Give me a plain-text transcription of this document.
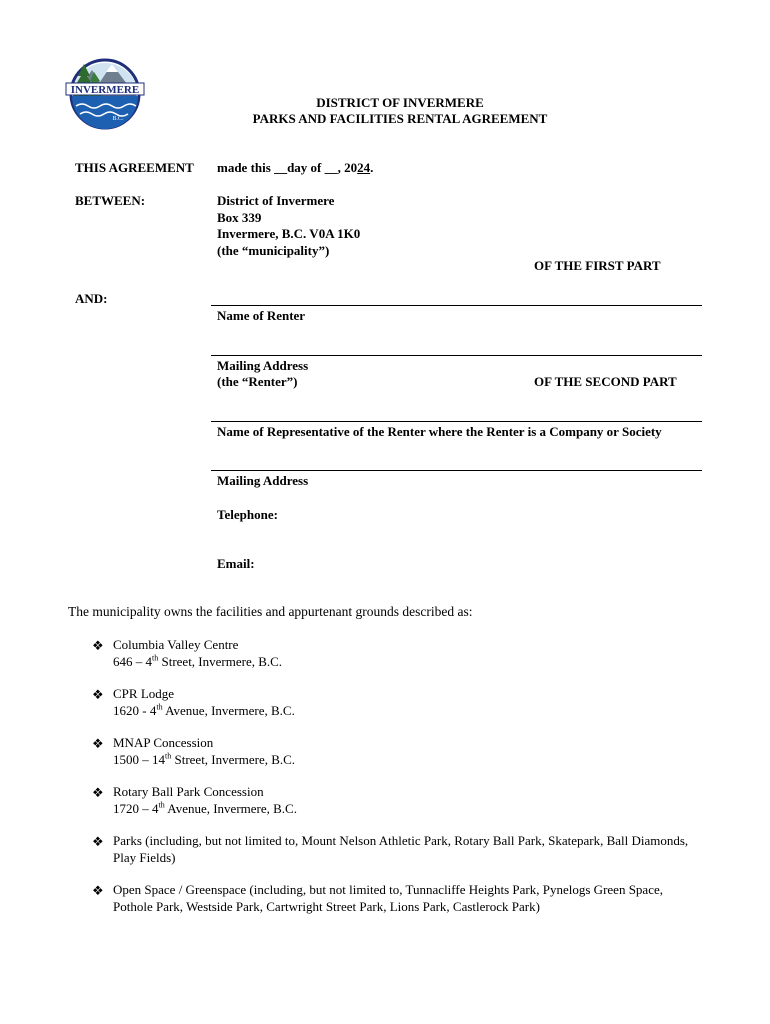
INVERMERE
B.C.
DISTRICT OF INVERMERE
PARKS AND FACILITIES RENTAL AGREEMENT
THIS AGREEMENT made this __day of __, 2024.
BETWEEN:	District of Invermere
Box 339
Invermere, B.C. V0A 1K0
(the “municipality”)
OF THE FIRST PART
AND:
Name of Renter
Mailing Address
(the “Renter”)	OF THE SECOND PART
Name of Representative of the Renter where the Renter is a Company or Society
Mailing Address
Telephone:
Email:
The municipality owns the facilities and appurtenant grounds described as:
❖ Columbia Valley Centre
646 – 4th Street, Invermere, B.C.
❖ CPR Lodge
1620 - 4th Avenue, Invermere, B.C.
❖ MNAP Concession
1500 – 14th Street, Invermere, B.C.
❖ Rotary Ball Park Concession
1720 – 4th Avenue, Invermere, B.C.
❖ Parks (including, but not limited to, Mount Nelson Athletic Park, Rotary Ball Park, Skatepark, Ball Diamonds,
Play Fields)
❖ Open Space / Greenspace (including, but not limited to, Tunnacliffe Heights Park, Pynelogs Green Space,
Pothole Park, Westside Park, Cartwright Street Park, Lions Park, Castlerock Park)
